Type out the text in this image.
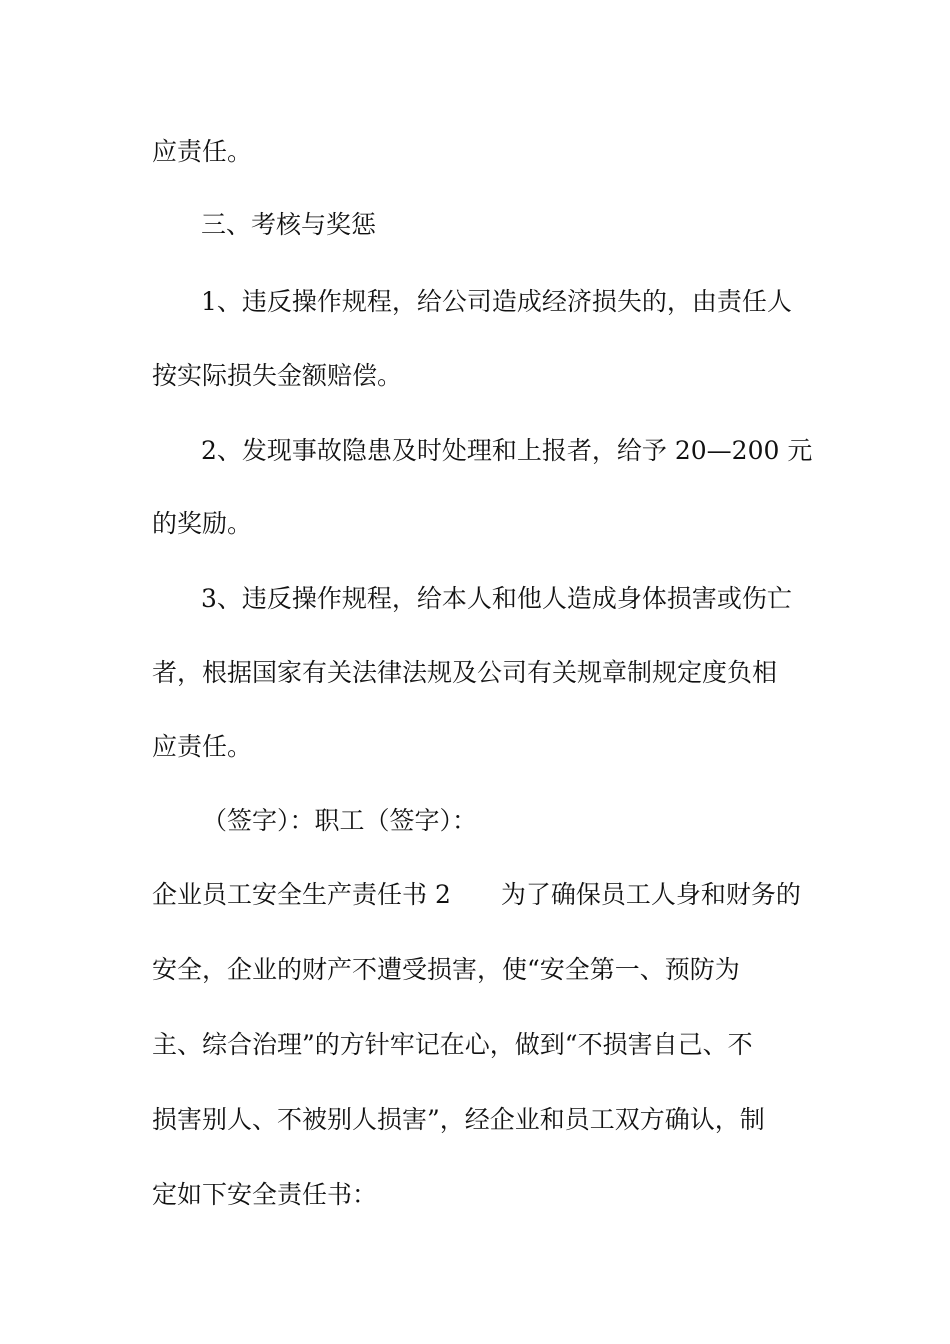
应责任。

三、考核与奖惩

1、违反操作规程，给公司造成经济损失的，由责任人

按实际损失金额赔偿。

2、发现事故隐患及时处理和上报者，给予 20—200 元

的奖励。

3、违反操作规程，给本人和他人造成身体损害或伤亡

者，根据国家有关法律法规及公司有关规章制规定度负相

应责任。

（签字）：职工（签字）：

企业员工安全生产责任书 2　　为了确保员工人身和财务的

安全，企业的财产不遭受损害，使“安全第一、预防为

主、综合治理”的方针牢记在心，做到“不损害自己、不

损害别人、不被别人损害”，经企业和员工双方确认，制

定如下安全责任书：
